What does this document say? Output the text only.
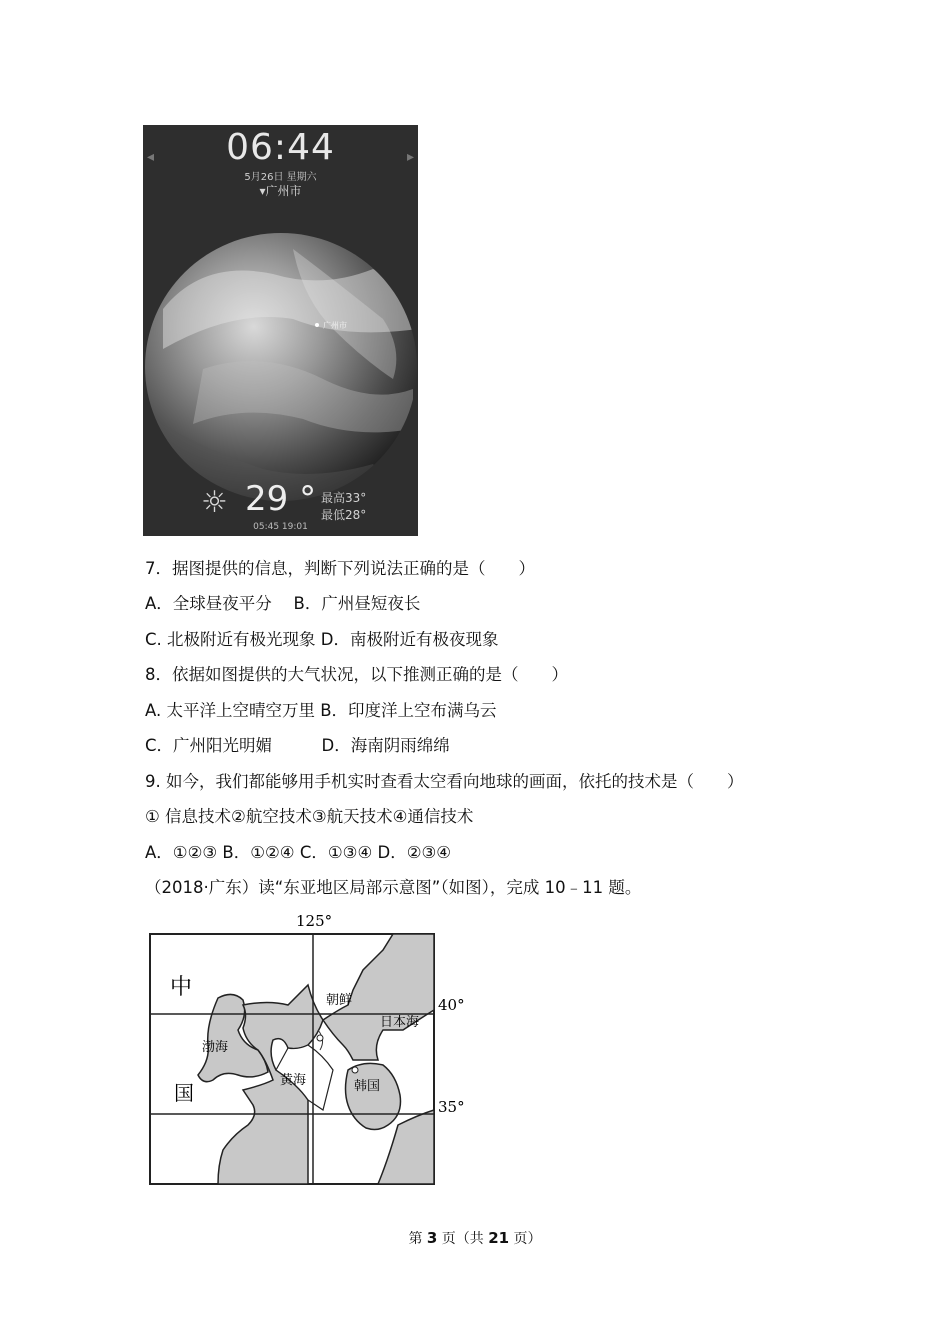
◂	▸
06:44
5月26日 星期六
▾广州市
广州市
☼ 29 ° 最高33°
最低28°
05:45 19:01
7．据图提供的信息，判断下列说法正确的是（　　）
A．全球昼夜平分　 B．广州昼短夜长
C. 北极附近有极光现象 D．南极附近有极夜现象
8．依据如图提供的大气状况，以下推测正确的是（　　）
A. 太平洋上空晴空万里 B．印度洋上空布满乌云
C．广州阳光明媚　　　D．海南阴雨绵绵
9. 如今，我们都能够用手机实时查看太空看向地球的画面，依托的技术是（　　）
① 信息技术②航空技术③航天技术④通信技术
A．①②③ B．①②④ C．①③④ D．②③④
（2018·广东）读“东亚地区局部示意图”（如图），完成 10﹣11 题。
125°
40°
35°
中
国
朝鲜
韩国
日本海
渤海
黄海
第 3 页（共 21 页）
